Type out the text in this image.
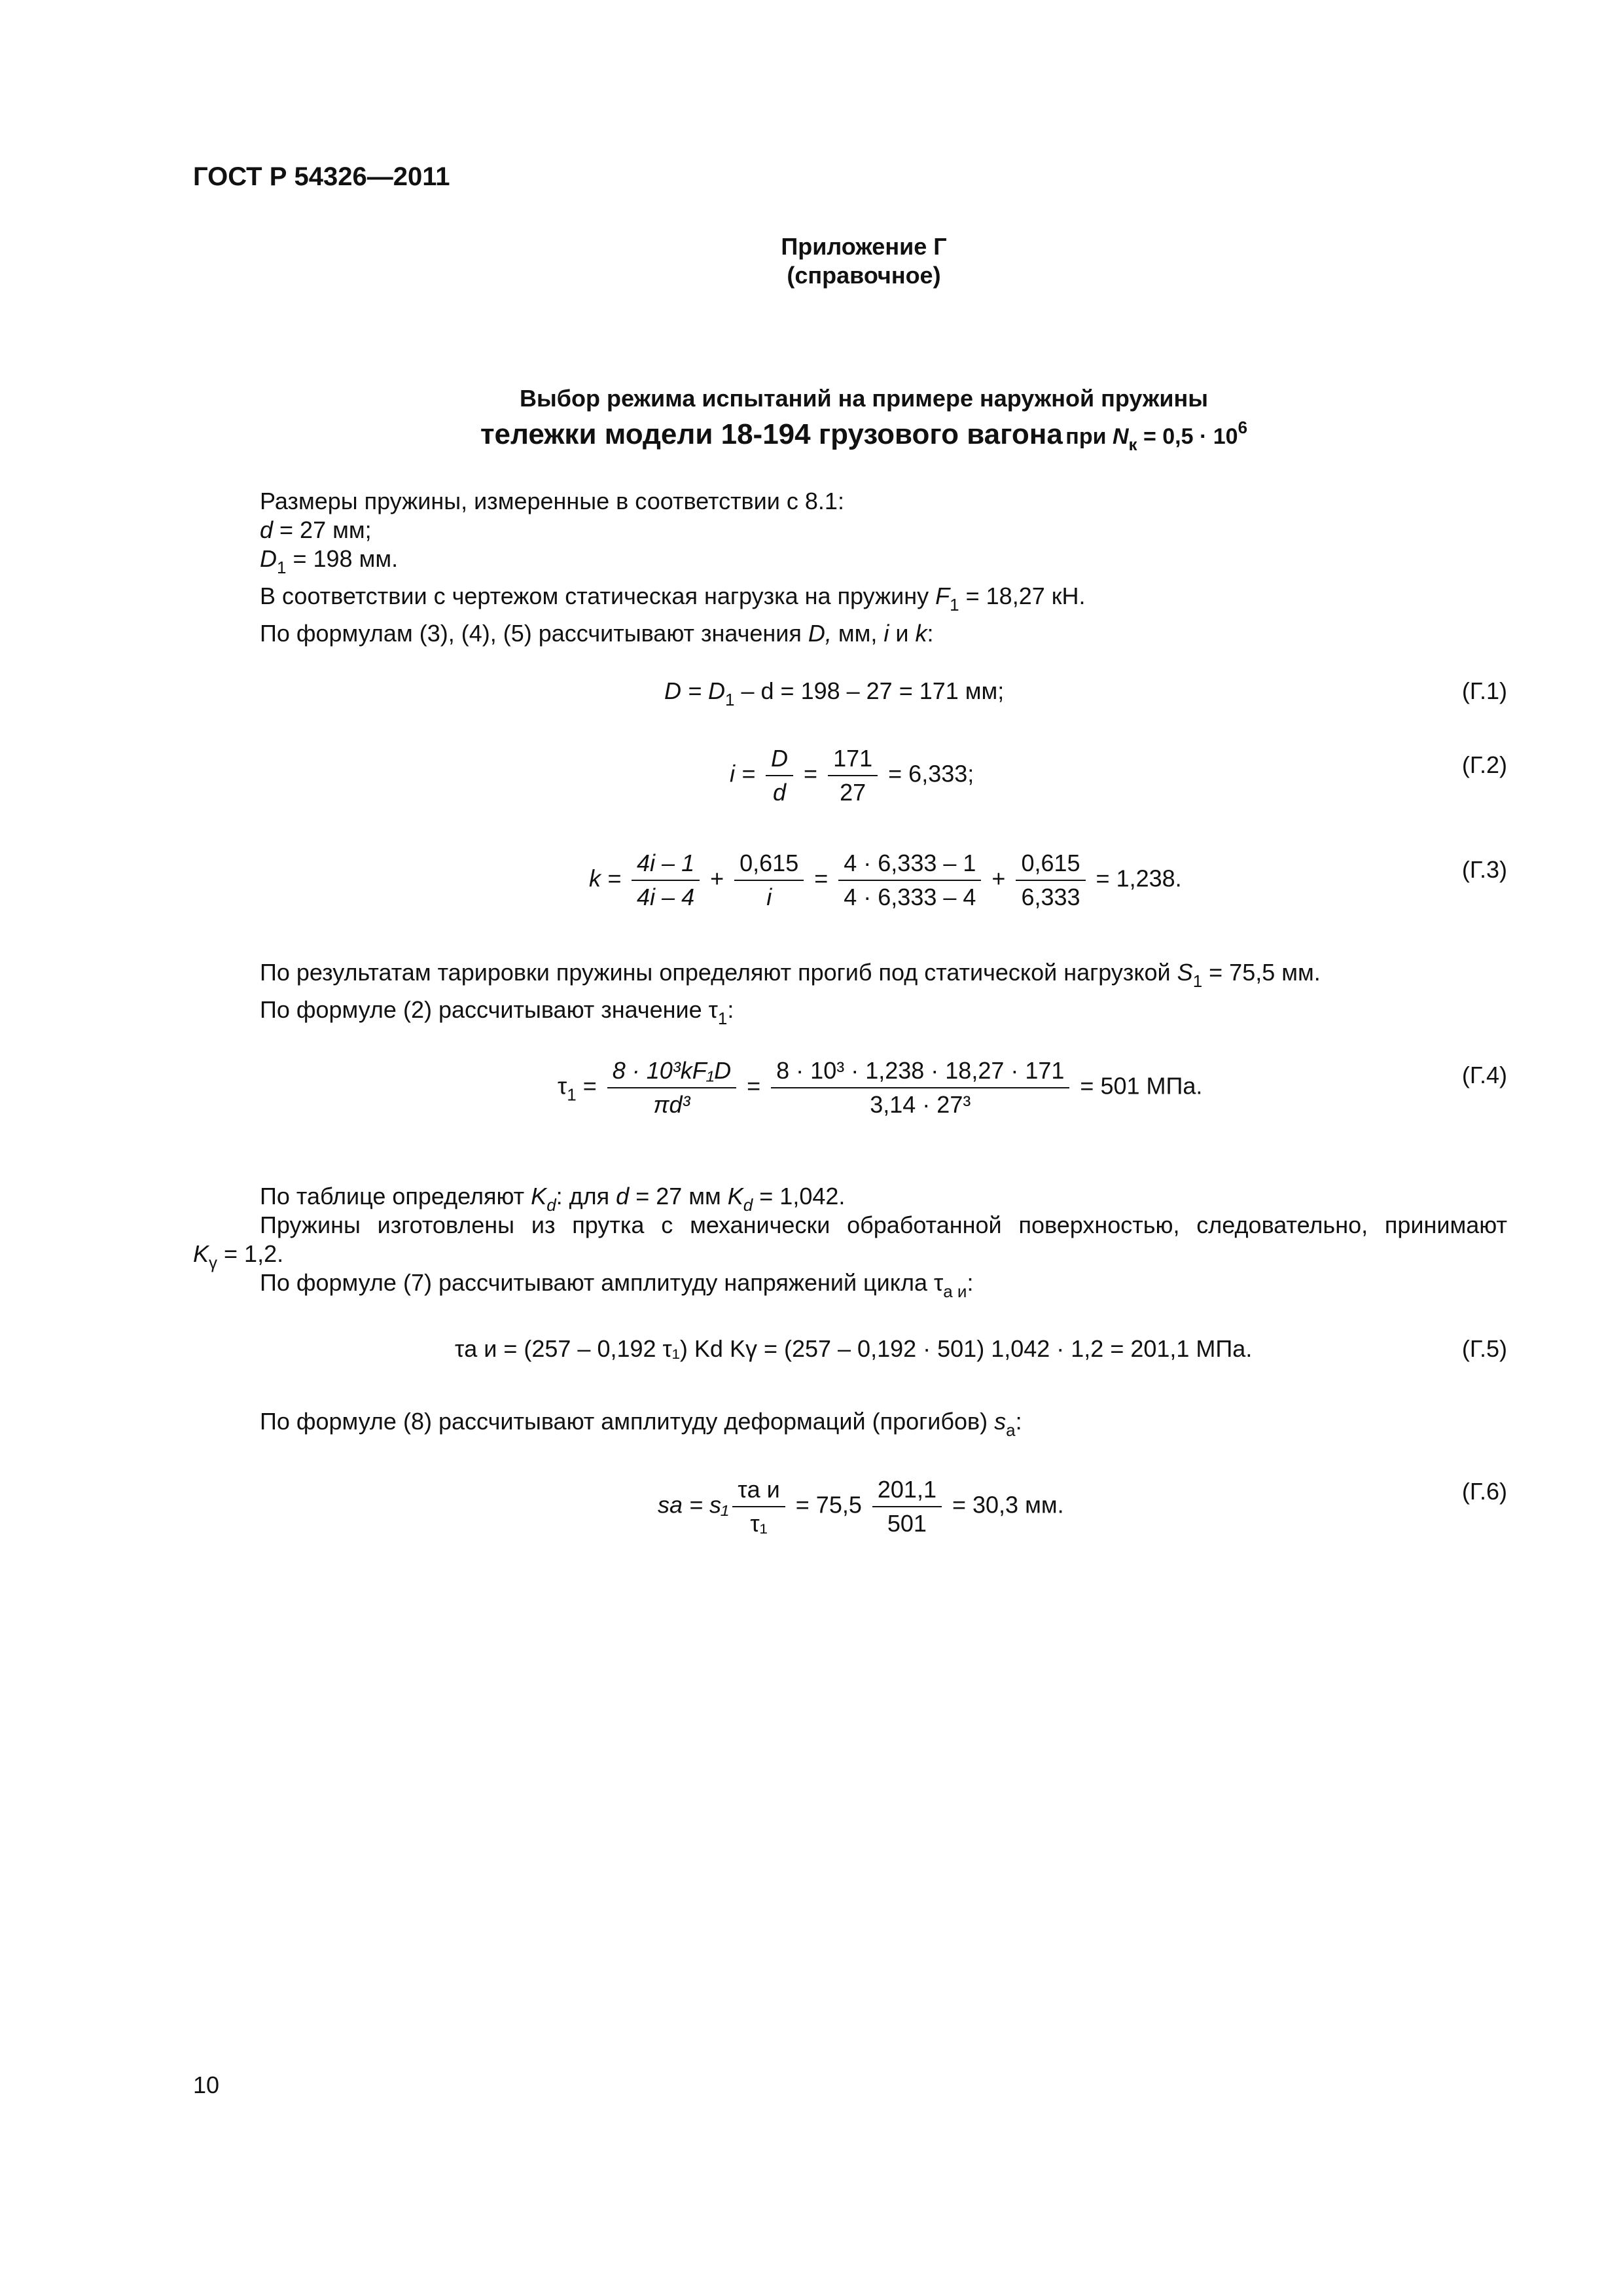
ГОСТ Р 54326—2011
Приложение Г
(справочное)
Выбор режима испытаний на примере наружной пружины
тележки модели 18-194 грузового вагона при $N_к = 0,5 \cdot 10^6$
Размеры пружины, измеренные в соответствии с 8.1:
d = 27 мм;
$D_1 = 198$ мм.
В соответствии с чертежом статическая нагрузка на пружину $F_1 = 18,27$ кН.
По формулам (3), (4), (5) рассчитывают значения D, мм, i и k:
$D = D_1 - d = 198 - 27 = 171$ мм;	(Г.1)
$i = \frac{D}{d} = \frac{171}{27} = 6,333$;	(Г.2)
$k = \frac{4i - 1}{4i - 4} + \frac{0,615}{i} = \frac{4 \cdot 6,333 - 1}{4 \cdot 6,333 - 4} + \frac{0,615}{6,333} = 1,238$.	(Г.3)
По результатам тарировки пружины определяют прогиб под статической нагрузкой $S_1 = 75,5$ мм.
По формуле (2) рассчитывают значение $\tau_1$:
$\tau_1 = \frac{\text{8 · 10³kF₁D}}{\text{πd³}} = \frac{\text{8 · 10³ · 1,238 · 18,27 · 171}}{\text{3,14 · 27³}} = 501$ МПа.	(Г.4)
По таблице определяют $K_d$: для d = 27 мм $K_d = 1,042$.
Пружины изготовлены из прутка с механически обработанной поверхностью, следовательно, принимают
$K_\gamma = 1,2$.
По формуле (7) рассчитывают амплитуду напряжений цикла $\tau_{а и}$:
τа и = (257 – 0,192 τ₁) Kd Kγ = (257 – 0,192 · 501) 1,042 · 1,2 = 201,1 МПа.	(Г.5)
По формуле (8) рассчитывают амплитуду деформаций (прогибов) $s_a$:
sa = $s_1 \frac{\text{τа и}}{\text{τ₁}} = 75,5 \frac{201,1}{501} = 30,3$ мм.
(Г.6)
10
